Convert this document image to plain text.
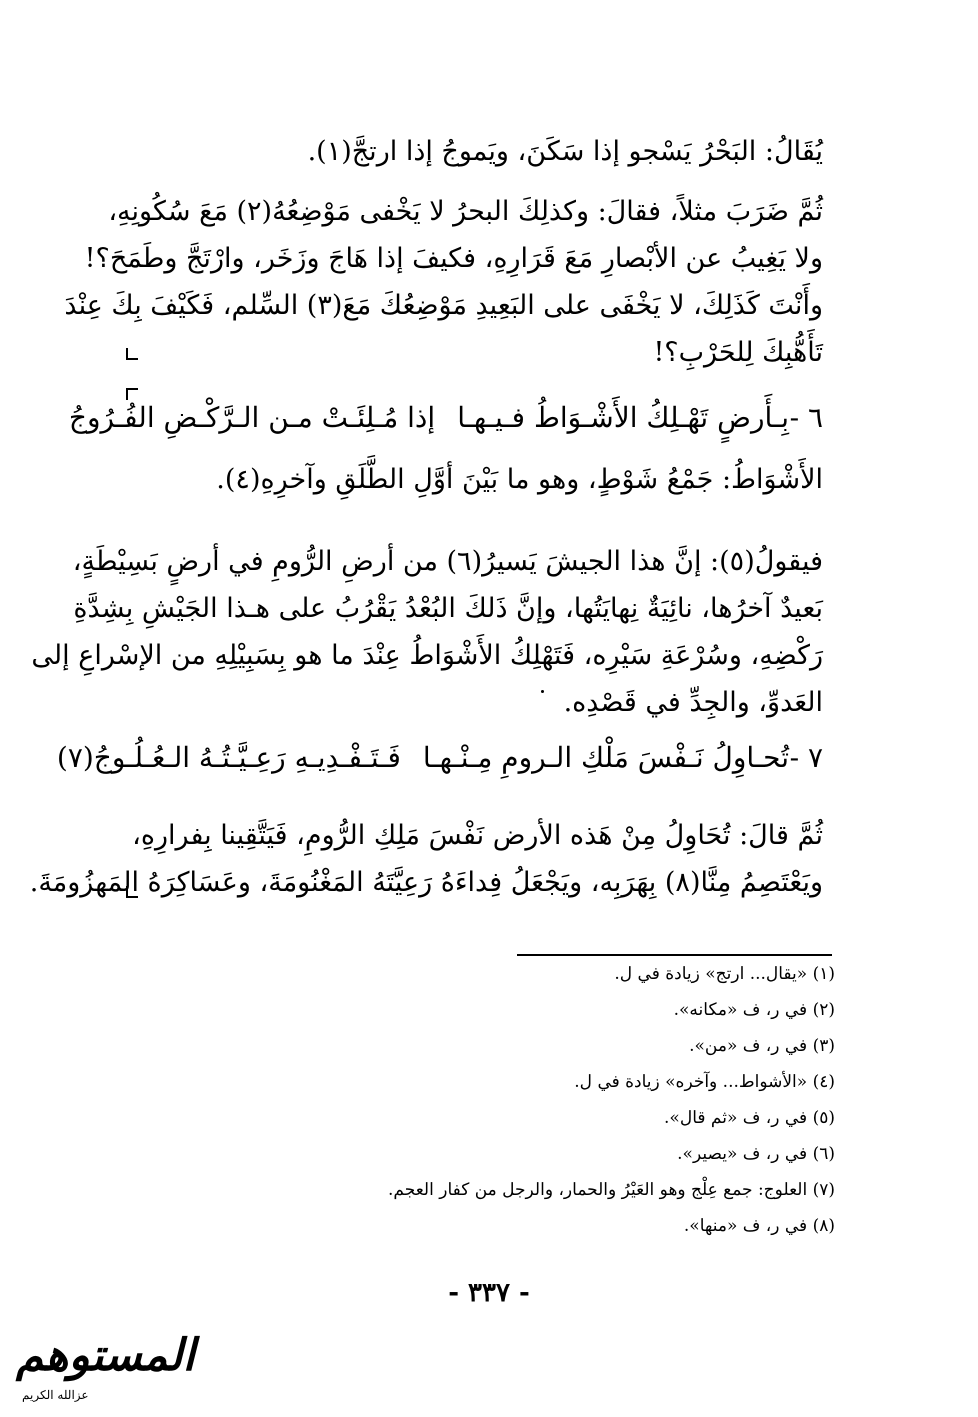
يُقَالُ: البَحْرُ يَسْجو إذا سَكَنَ، ويَموجُ إذا ارتجَّ(١).
ثُمَّ ضَرَبَ مثلاً، فقالَ: وكذلِكَ البحرُ لا يَخْفى مَوْضِعُهُ(٢) مَعَ سُكُونِهِ،
ولا يَغِيبُ عن الأبْصارِ مَعَ قَرَارِهِ، فكيفَ إذا هَاجَ وزَخَر، وارْتَجَّ وطَمَحَ؟!
وأَنْتَ كَذَلِكَ، لا يَخْفَى على البَعِيدِ مَوْضِعُكَ مَعَ(٣) السِّلم، فَكَيْفَ بِكَ عِنْدَ
تَأَهُّبِكَ لِلحَرْبِ؟!
٦ -بِـأَرضٍ تَهْـلِكُ الأَشْـوَاطُ فـيـهـاإذا مُـلِئَـتْ مـن الـرَّكْـضِ الفُـرُوجُ
الأَشْوَاطُ: جَمْعُ شَوْطٍ، وهو ما بَيْنَ أوَّلِ الطَّلَقِ وآخرِهِ(٤).
فيقولُ(٥): إنَّ هذا الجيشَ يَسيرُ(٦) من أرضِ الرُّومِ في أرضٍ بَسِيْطَةٍ،
بَعيدٌ آخرُها، نائِيَةٌ نِهايَتُها، وإنَّ ذَلكَ البُعْدُ يَقْرُبُ على هـذا الجَيْشِ بِشِدَّةِ
رَكْضِهِ، وسُرْعَةِ سَيْرِه، فَتَهْلِكُ الأَشْوَاطُ عِنْدَ ما هو بِسَبِيْلِهِ من الإسْراعِ إلى
العَدوِّ، والجِدِّ في قَصْدِه.
٧ -تُحـاوِلُ نَـفْسَ مَلْكِ الـرومِ مِـنْـهـافَـتَـفْـدِيـهِ رَعِـيَّـتُـهُ الـعُـلُـوجُ(٧)
ثُمَّ قالَ: تُحَاوِلُ مِنْ هَذه الأرض نَفْسَ مَلِكِ الرُّومِ، فَيَتَّقِينا بِفرارِهِ،
ويَعْتَصِمُ مِنَّا(٨) بِهَرَبِه، ويَجْعَلُ فِداءَهُ رَعِيَّتَهُ المَغْنُومَةَ، وعَسَاكِرَهُ المَهزُومَةَ.
(١) «يقال... ارتج» زيادة في ل.
(٢) في ر، ف «مكانه».
(٣) في ر، ف «من».
(٤) «الأشواط... وآخره» زيادة في ل.
(٥) في ر، ف «ثم قال».
(٦) في ر، ف «يصير».
(٧) العلوج: جمع عِلْج وهو العَيْرُ والحمار، والرجل من كفار العجم.
(٨) في ر، ف «منها».
- ٣٣٧ -
المستوهم
عزالله الكريم
